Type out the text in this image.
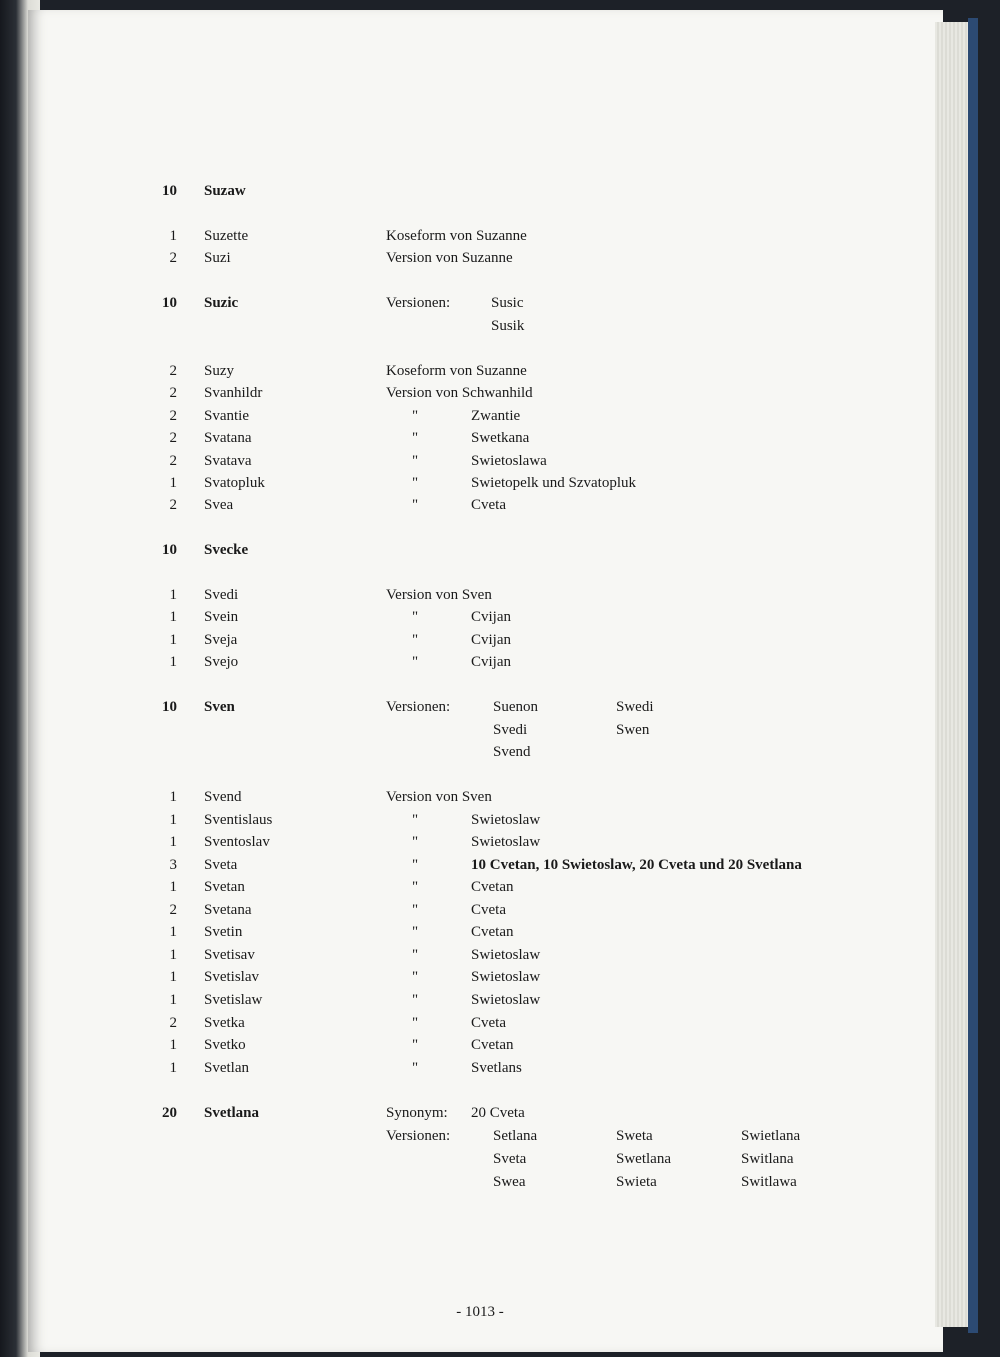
10 Suzaw
1 Suzette	Koseform von Suzanne
2 Suzi	Version von Suzanne
10 Suzic	Versionen:	Susic
Susik
2 Suzy	Koseform von Suzanne
2 Svanhildr	Version von Schwanhild
2 Svantie	"	Zwantie
2 Svatana	"	Swetkana
2 Svatava	"	Swietoslawa
1 Svatopluk	"	Swietopelk und Szvatopluk
2 Svea	"	Cveta
10 Svecke
1 Svedi	Version von Sven
1 Svein	"	Cvijan
1 Sveja	"	Cvijan
1 Svejo	"	Cvijan
10 Sven	Versionen:	Suenon	Swedi
Svedi	Swen
Svend
1 Svend	Version von Sven
1 Sventislaus	"	Swietoslaw
1 Sventoslav	"	Swietoslaw
3 Sveta	"	10 Cvetan, 10 Swietoslaw, 20 Cveta und 20 Svetlana
1 Svetan	"	Cvetan
2 Svetana	"	Cveta
1 Svetin	"	Cvetan
1 Svetisav	"	Swietoslaw
1 Svetislav	"	Swietoslaw
1 Svetislaw	"	Swietoslaw
2 Svetka	"	Cveta
1 Svetko	"	Cvetan
1 Svetlan	"	Svetlans
20 Svetlana	Synonym: 20 Cveta
Versionen:	Setlana	Sweta	Swietlana
Sveta	Swetlana	Switlana
Swea	Swieta	Switlawa
- 1013 -
